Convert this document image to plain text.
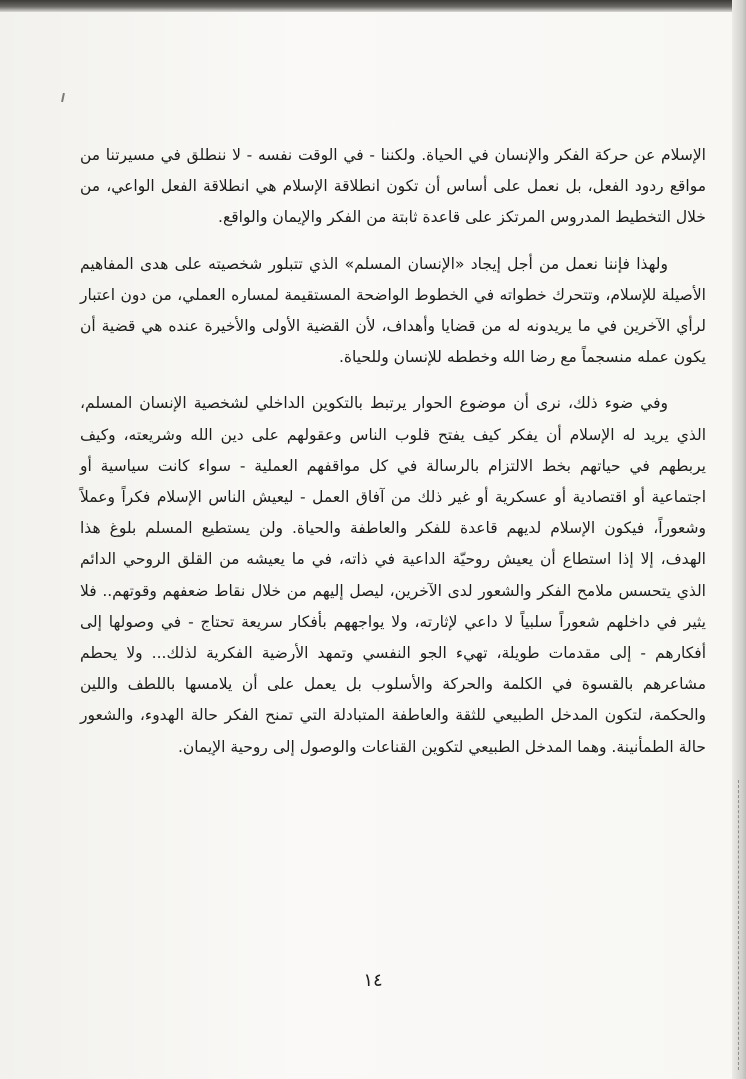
الإسلام عن حركة الفكر والإنسان في الحياة. ولكننا - في الوقت نفسه - لا ننطلق في مسيرتنا من مواقع ردود الفعل، بل نعمل على أساس أن تكون انطلاقة الإسلام هي انطلاقة الفعل الواعي، من خلال التخطيط المدروس المرتكز على قاعدة ثابتة من الفكر والإيمان والواقع.

ولهذا فإننا نعمل من أجل إيجاد «الإنسان المسلم» الذي تتبلور شخصيته على هدى المفاهيم الأصيلة للإسلام، وتتحرك خطواته في الخطوط الواضحة المستقيمة لمساره العملي، من دون اعتبار لرأي الآخرين في ما يريدونه له من قضايا وأهداف، لأن القضية الأولى والأخيرة عنده هي قضية أن يكون عمله منسجماً مع رضا الله وخططه للإنسان وللحياة.

وفي ضوء ذلك، نرى أن موضوع الحوار يرتبط بالتكوين الداخلي لشخصية الإنسان المسلم، الذي يريد له الإسلام أن يفكر كيف يفتح قلوب الناس وعقولهم على دين الله وشريعته، وكيف يربطهم في حياتهم بخط الالتزام بالرسالة في كل مواقفهم العملية - سواء كانت سياسية أو اجتماعية أو اقتصادية أو عسكرية أو غير ذلك من آفاق العمل - ليعيش الناس الإسلام فكراً وعملاً وشعوراً، فيكون الإسلام لديهم قاعدة للفكر والعاطفة والحياة. ولن يستطيع المسلم بلوغ هذا الهدف، إلا إذا استطاع أن يعيش روحيّة الداعية في ذاته، في ما يعيشه من القلق الروحي الدائم الذي يتحسس ملامح الفكر والشعور لدى الآخرين، ليصل إليهم من خلال نقاط ضعفهم وقوتهم.. فلا يثير في داخلهم شعوراً سلبياً لا داعي لإثارته، ولا يواجههم بأفكار سريعة تحتاج - في وصولها إلى أفكارهم - إلى مقدمات طويلة، تهيء الجو النفسي وتمهد الأرضية الفكرية لذلك... ولا يحطم مشاعرهم بالقسوة في الكلمة والحركة والأسلوب بل يعمل على أن يلامسها باللطف واللين والحكمة، لتكون المدخل الطبيعي للثقة والعاطفة المتبادلة التي تمنح الفكر حالة الهدوء، والشعور حالة الطمأنينة. وهما المدخل الطبيعي لتكوين القناعات والوصول إلى روحية الإيمان.

١٤
